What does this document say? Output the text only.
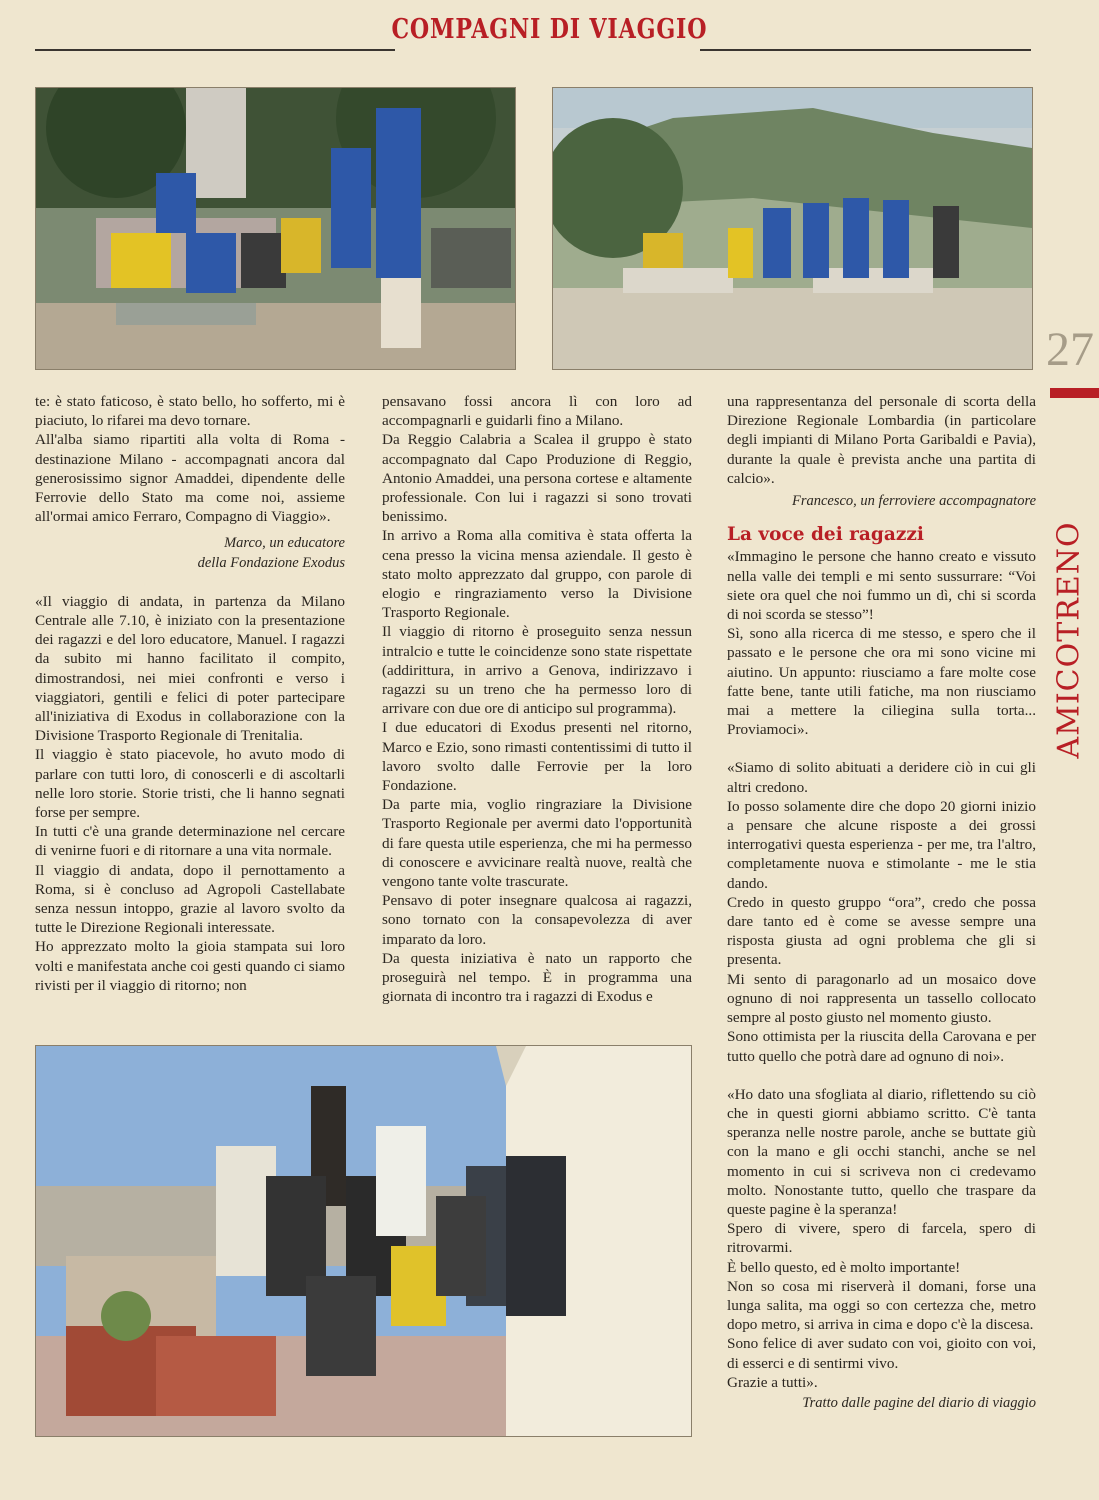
COMPAGNI DI VIAGGIO
27
AMICOTRENO

te: è stato faticoso, è stato bello, ho sofferto, mi è piaciuto, lo rifarei ma devo tornare.

All'alba siamo ripartiti alla volta di Roma - destinazione Milano - accompagnati ancora dal generosissimo signor Amaddei, dipendente delle Ferrovie dello Stato ma come noi, assieme all'ormai amico Ferraro, Compagno di Viaggio».

Marco, un educatore

della Fondazione Exodus

«Il viaggio di andata, in partenza da Milano Centrale alle 7.10, è iniziato con la presentazione dei ragazzi e del loro educatore, Manuel. I ragazzi da subito mi hanno facilitato il compito, dimostrandosi, nei miei confronti e verso i viaggiatori, gentili e felici di poter partecipare all'iniziativa di Exodus in collaborazione con la Divisione Trasporto Regionale di Trenitalia.

Il viaggio è stato piacevole, ho avuto modo di parlare con tutti loro, di conoscerli e di ascoltarli nelle loro storie. Storie tristi, che li hanno segnati forse per sempre.

In tutti c'è una grande determinazione nel cercare di venirne fuori e di ritornare a una vita normale.

Il viaggio di andata, dopo il pernottamento a Roma, si è concluso ad Agropoli Castellabate senza nessun intoppo, grazie al lavoro svolto da tutte le Direzione Regionali interessate.

Ho apprezzato molto la gioia stampata sui loro volti e manifestata anche coi gesti quando ci siamo rivisti per il viaggio di ritorno; non

pensavano fossi ancora lì con loro ad accompagnarli e guidarli fino a Milano.

Da Reggio Calabria a Scalea il gruppo è stato accompagnato dal Capo Produzione di Reggio, Antonio Amaddei, una persona cortese e altamente professionale. Con lui i ragazzi si sono trovati benissimo.

In arrivo a Roma alla comitiva è stata offerta la cena presso la vicina mensa aziendale. Il gesto è stato molto apprezzato dal gruppo, con parole di elogio e ringraziamento verso la Divisione Trasporto Regionale.

Il viaggio di ritorno è proseguito senza nessun intralcio e tutte le coincidenze sono state rispettate (addirittura, in arrivo a Genova, indirizzavo i ragazzi su un treno che ha permesso loro di arrivare con due ore di anticipo sul programma).

I due educatori di Exodus presenti nel ritorno, Marco e Ezio, sono rimasti contentissimi di tutto il lavoro svolto dalle Ferrovie per la loro Fondazione.

Da parte mia, voglio ringraziare la Divisione Trasporto Regionale per avermi dato l'opportunità di fare questa utile esperienza, che mi ha permesso di conoscere e avvicinare realtà nuove, realtà che vengono tante volte trascurate.

Pensavo di poter insegnare qualcosa ai ragazzi, sono tornato con la consapevolezza di aver imparato da loro.

Da questa iniziativa è nato un rapporto che proseguirà nel tempo. È in programma una giornata di incontro tra i ragazzi di Exodus e

una rappresentanza del personale di scorta della Direzione Regionale Lombardia (in particolare degli impianti di Milano Porta Garibaldi e Pavia), durante la quale è prevista anche una partita di calcio».

Francesco, un ferroviere accompagnatore

La voce dei ragazzi

«Immagino le persone che hanno creato e vissuto nella valle dei templi e mi sento sussurrare: “Voi siete ora quel che noi fummo un dì, chi si scorda di noi scorda se stesso”!

Sì, sono alla ricerca di me stesso, e spero che il passato e le persone che ora mi sono vicine mi aiutino. Un appunto: riusciamo a fare molte cose fatte bene, tante utili fatiche, ma non riusciamo mai a mettere la ciliegina sulla torta... Proviamoci».

«Siamo di solito abituati a deridere ciò in cui gli altri credono.

Io posso solamente dire che dopo 20 giorni inizio a pensare che alcune risposte a dei grossi interrogativi questa esperienza - per me, tra l'altro, completamente nuova e stimolante - me le stia dando.

Credo in questo gruppo “ora”, credo che possa dare tanto ed è come se avesse sempre una risposta giusta ad ogni problema che gli si presenta.

Mi sento di paragonarlo ad un mosaico dove ognuno di noi rappresenta un tassello collocato sempre al posto giusto nel momento giusto.

Sono ottimista per la riuscita della Carovana e per tutto quello che potrà dare ad ognuno di noi».

«Ho dato una sfogliata al diario, riflettendo su ciò che in questi giorni abbiamo scritto. C'è tanta speranza nelle nostre parole, anche se buttate giù con la mano e gli occhi stanchi, anche se nel momento in cui si scriveva non ci credevamo molto. Nonostante tutto, quello che traspare da queste pagine è la speranza!

Spero di vivere, spero di farcela, spero di ritrovarmi.

È bello questo, ed è molto importante!

Non so cosa mi riserverà il domani, forse una lunga salita, ma oggi so con certezza che, metro dopo metro, si arriva in cima e dopo c'è la discesa.

Sono felice di aver sudato con voi, gioito con voi, di esserci e di sentirmi vivo.

Grazie a tutti».

Tratto dalle pagine del diario di viaggio
